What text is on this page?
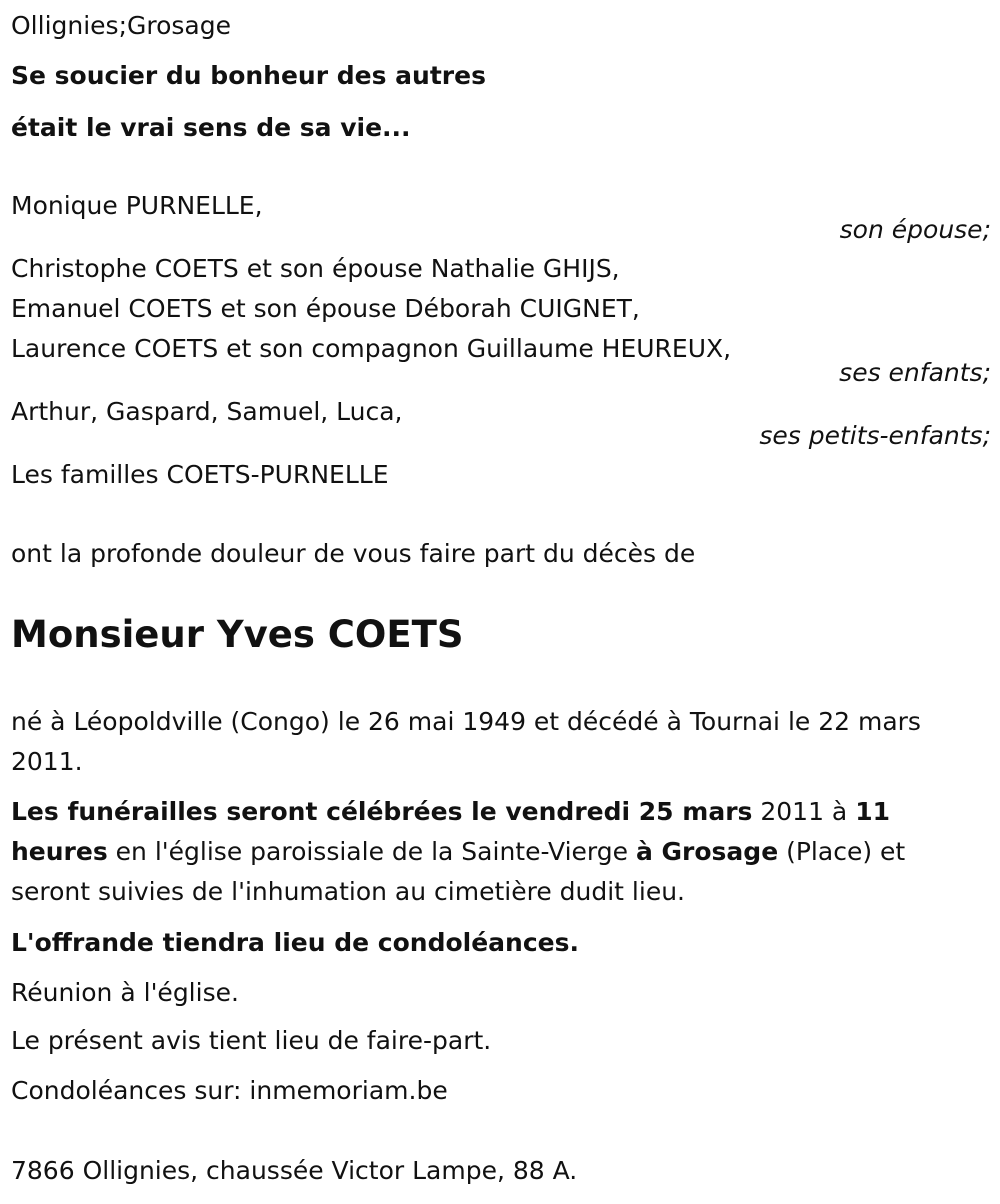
Ollignies;Grosage
Se soucier du bonheur des autres
était le vrai sens de sa vie...
Monique PURNELLE,
son épouse;
Christophe COETS et son épouse Nathalie GHIJS,
Emanuel COETS et son épouse Déborah CUIGNET,
Laurence COETS et son compagnon Guillaume HEUREUX,
ses enfants;
Arthur, Gaspard, Samuel, Luca,
ses petits-enfants;
Les familles COETS-PURNELLE
ont la profonde douleur de vous faire part du décès de
Monsieur Yves COETS
né à Léopoldville (Congo) le 26 mai 1949 et décédé à Tournai le 22 mars 2011.
Les funérailles seront célébrées le vendredi 25 mars 2011 à 11 heures en l'église paroissiale de la Sainte-Vierge à Grosage (Place) et seront suivies de l'inhumation au cimetière dudit lieu.
L'offrande tiendra lieu de condoléances.
Réunion à l'église.
Le présent avis tient lieu de faire-part.
Condoléances sur: inmemoriam.be
7866 Ollignies, chaussée Victor Lampe, 88 A.
